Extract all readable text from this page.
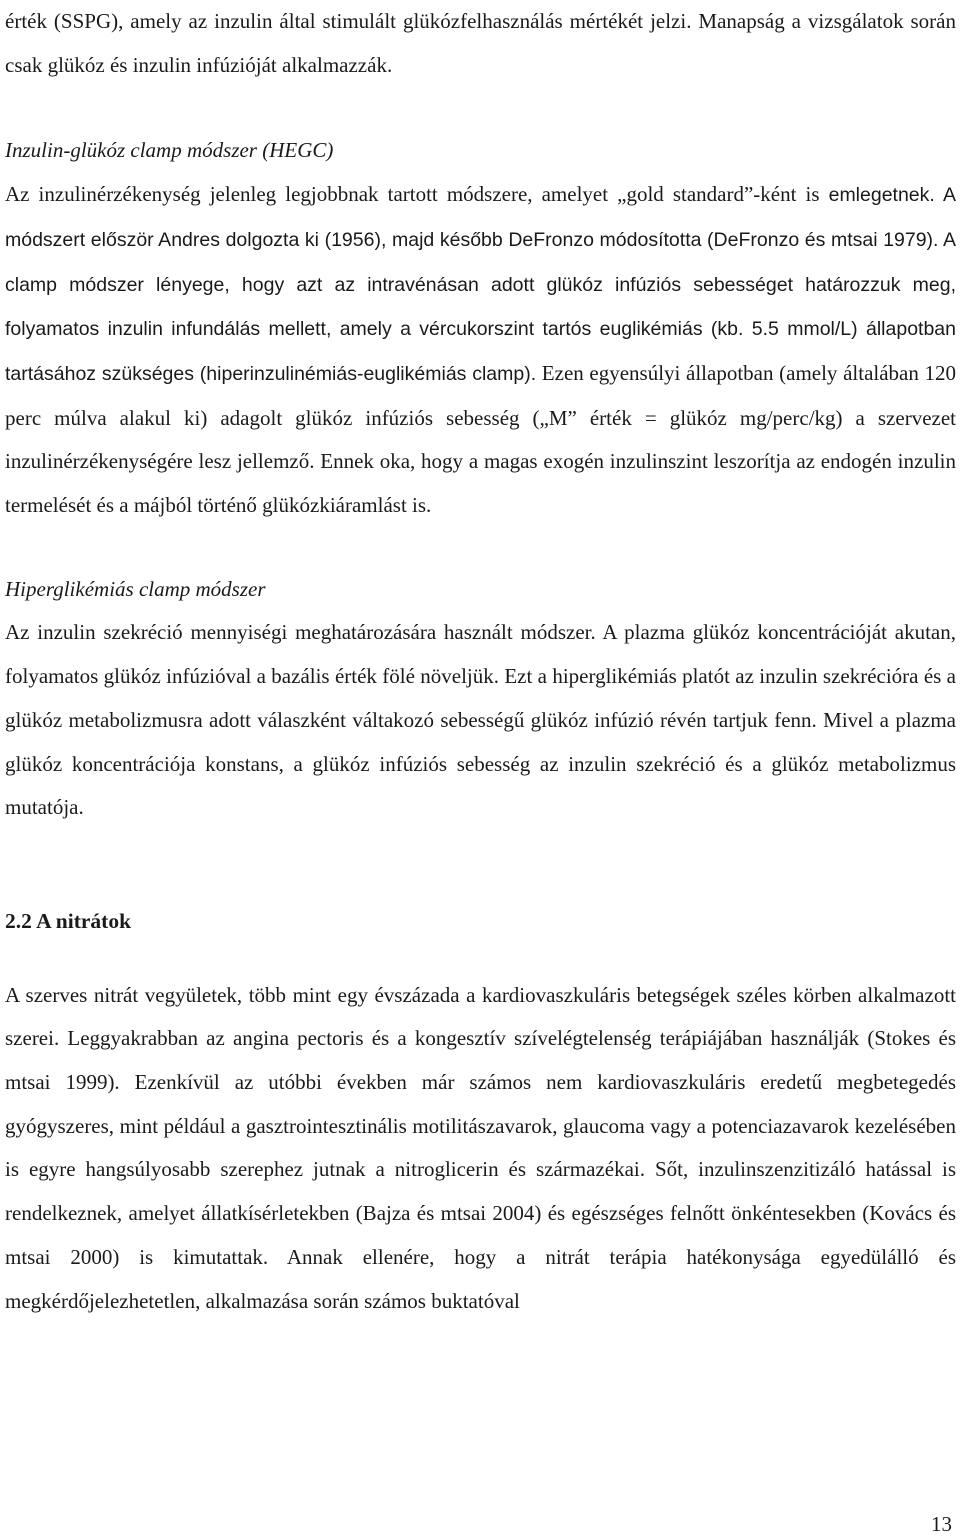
érték (SSPG), amely az inzulin által stimulált glükózfelhasználás mértékét jelzi. Manapság a vizsgálatok során csak glükóz és inzulin infúzióját alkalmazzák.

Inzulin-glükóz clamp módszer (HEGC)

Az inzulinérzékenység jelenleg legjobbnak tartott módszere, amelyet „gold standard”-ként is emlegetnek. A módszert először Andres dolgozta ki (1956), majd később DeFronzo módosította (DeFronzo és mtsai 1979). A clamp módszer lényege, hogy azt az intravénásan adott glükóz infúziós sebességet határozzuk meg, folyamatos inzulin infundálás mellett, amely a vércukorszint tartós euglikémiás (kb. 5.5 mmol/L) állapotban tartásához szükséges (hiperinzulinémiás-euglikémiás clamp). Ezen egyensúlyi állapotban (amely általában 120 perc múlva alakul ki) adagolt glükóz infúziós sebesség („M” érték = glükóz mg/perc/kg) a szervezet inzulinérzékenységére lesz jellemző. Ennek oka, hogy a magas exogén inzulinszint leszorítja az endogén inzulin termelését és a májból történő glükózkiáramlást is.

Hiperglikémiás clamp módszer

Az inzulin szekréció mennyiségi meghatározására használt módszer. A plazma glükóz koncentrációját akutan, folyamatos glükóz infúzióval a bazális érték fölé növeljük. Ezt a hiperglikémiás platót az inzulin szekrécióra és a glükóz metabolizmusra adott válaszként váltakozó sebességű glükóz infúzió révén tartjuk fenn. Mivel a plazma glükóz koncentrációja konstans, a glükóz infúziós sebesség az inzulin szekréció és a glükóz metabolizmus mutatója.

2.2 A nitrátok

A szerves nitrát vegyületek, több mint egy évszázada a kardiovaszkuláris betegségek széles körben alkalmazott szerei. Leggyakrabban az angina pectoris és a kongesztív szívelégtelenség terápiájában használják (Stokes és mtsai 1999). Ezenkívül az utóbbi években már számos nem kardiovaszkuláris eredetű megbetegedés gyógyszeres, mint például a gasztrointesztinális motilitászavarok, glaucoma vagy a potenciazavarok kezelésében is egyre hangsúlyosabb szerephez jutnak a nitroglicerin és származékai. Sőt, inzulinszenzitizáló hatással is rendelkeznek, amelyet állatkísérletekben (Bajza és mtsai 2004) és egészséges felnőtt önkéntesekben (Kovács és mtsai 2000) is kimutattak. Annak ellenére, hogy a nitrát terápia hatékonysága egyedülálló és megkérdőjelezhetetlen, alkalmazása során számos buktatóval

13
